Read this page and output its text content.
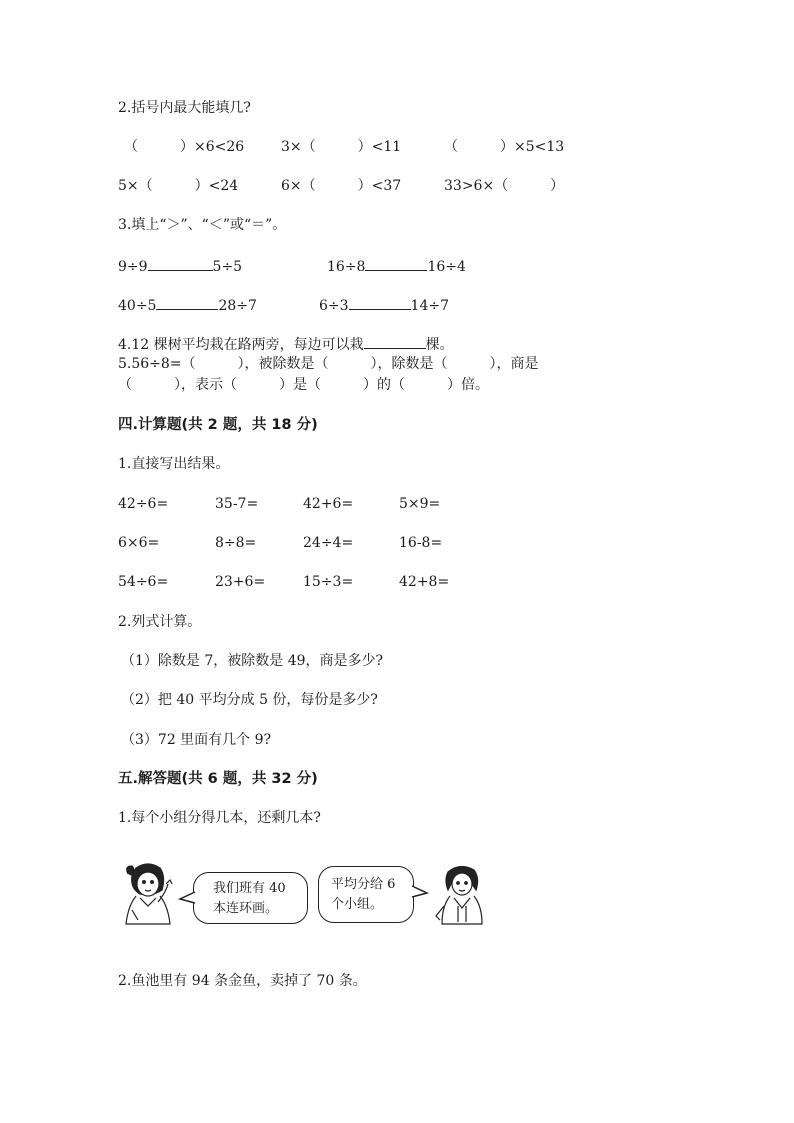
2.括号内最大能填几?
（　　　）×6<26	3×（　　　）<11	（　　　）×5<13
5×（　　　）<24	6×（　　　）<37	33>6×（　　　）
3.填上“＞”、“＜”或“＝”。
9÷9	5÷5	16÷8	16÷4
40÷5	28÷7	6÷3	14÷7
4.12 棵树平均栽在路两旁，每边可以栽	棵。
5.56÷8=（　　　），被除数是（　　　），除数是（　　　），商是
（　　　），表示（　　　）是（　　　）的（　　　）倍。
四.计算题(共 2 题，共 18 分)
1.直接写出结果。
42÷6=	35-7=	42+6=	5×9=
6×6=	8÷8=	24÷4=	16-8=
54÷6=	23+6=	15÷3=	42+8=
2.列式计算。
（1）除数是 7，被除数是 49，商是多少?
（2）把 40 平均分成 5 份，每份是多少?
（3）72 里面有几个 9?
五.解答题(共 6 题，共 32 分)
1.每个小组分得几本，还剩几本?
我们班有 40
本连环画。
平均分给 6
个小组。
2.鱼池里有 94 条金鱼，卖掉了 70 条。
